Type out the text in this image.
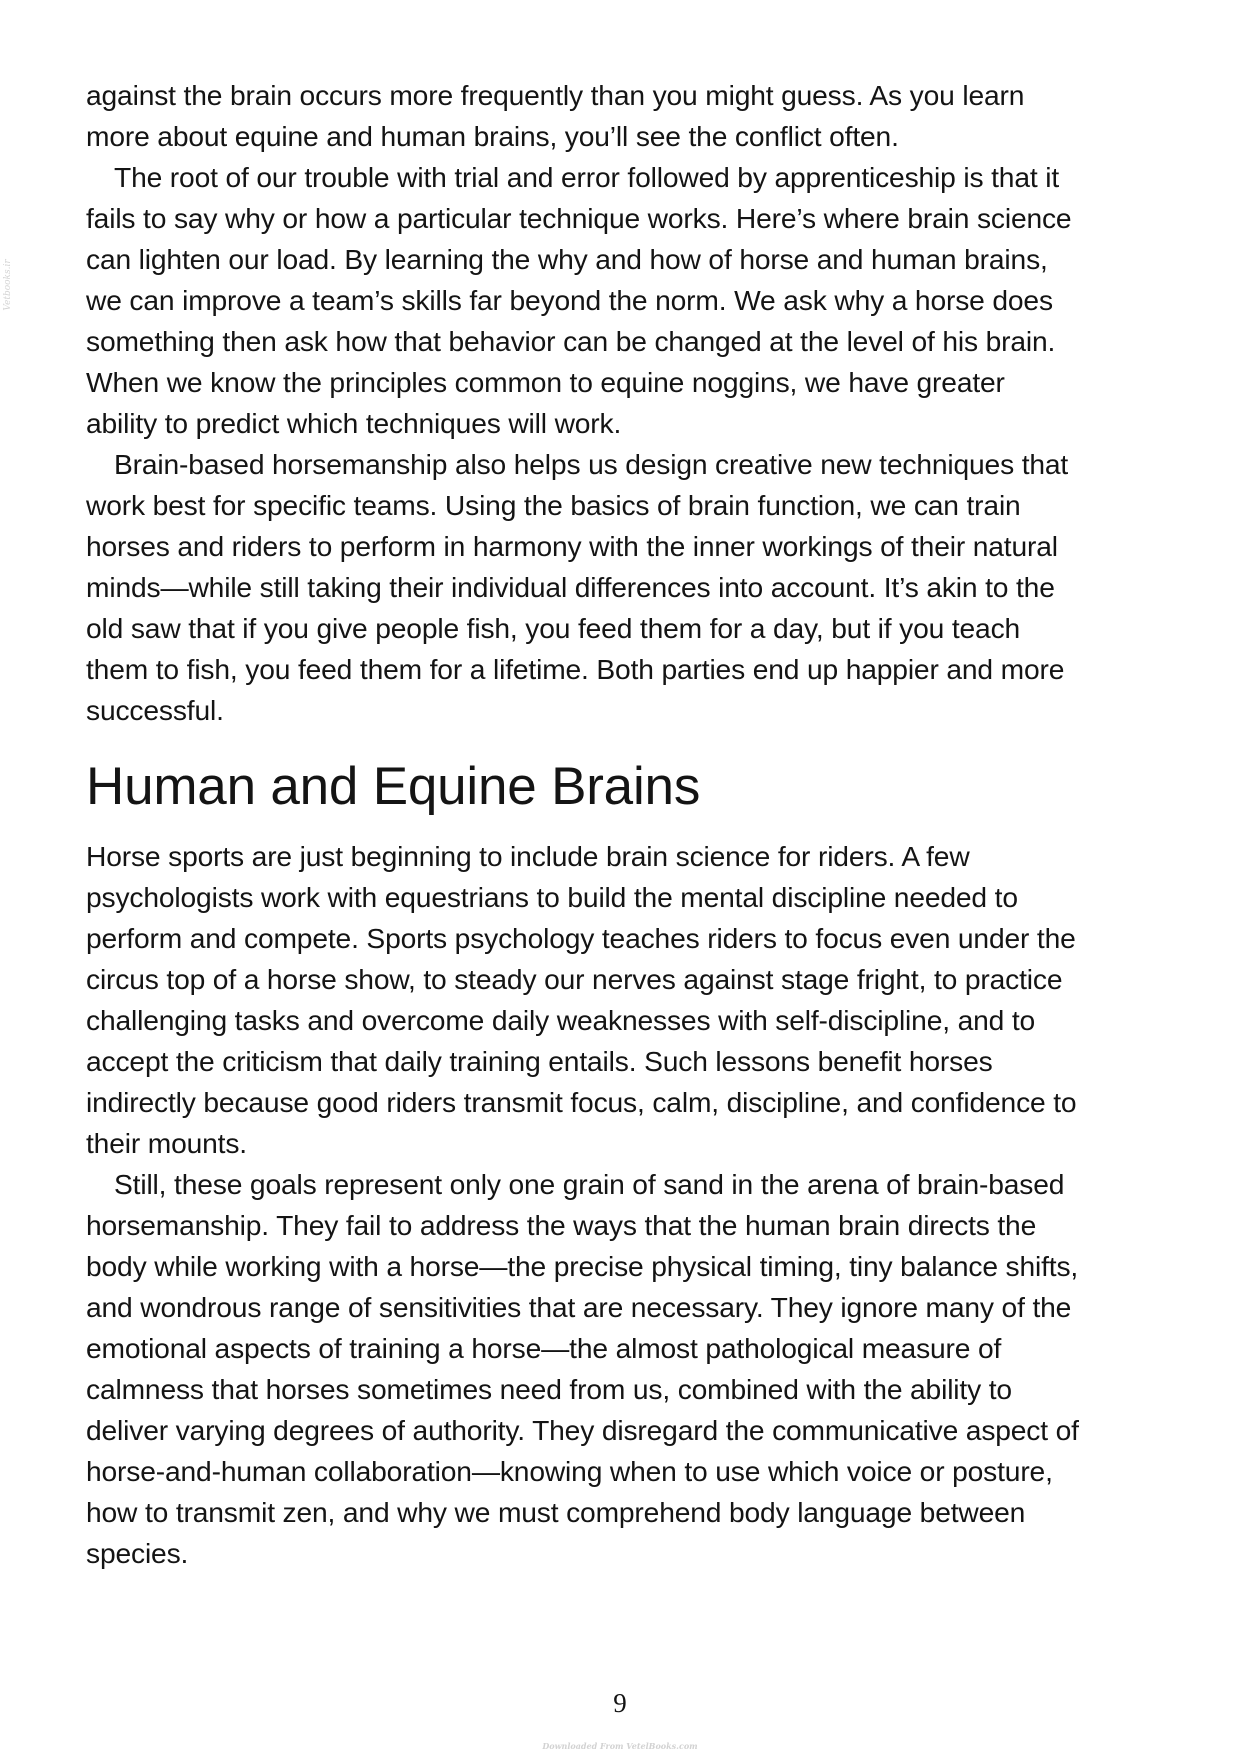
Vetbooks.ir

against the brain occurs more frequently than you might guess. As you learn
more about equine and human brains, you’ll see the conflict often.

The root of our trouble with trial and error followed by apprenticeship is that it
fails to say why or how a particular technique works. Here’s where brain science
can lighten our load. By learning the why and how of horse and human brains,
we can improve a team’s skills far beyond the norm. We ask why a horse does
something then ask how that behavior can be changed at the level of his brain.
When we know the principles common to equine noggins, we have greater
ability to predict which techniques will work.

Brain-based horsemanship also helps us design creative new techniques that
work best for specific teams. Using the basics of brain function, we can train
horses and riders to perform in harmony with the inner workings of their natural
minds—while still taking their individual differences into account. It’s akin to the
old saw that if you give people fish, you feed them for a day, but if you teach
them to fish, you feed them for a lifetime. Both parties end up happier and more
successful.

Human and Equine Brains

Horse sports are just beginning to include brain science for riders. A few
psychologists work with equestrians to build the mental discipline needed to
perform and compete. Sports psychology teaches riders to focus even under the
circus top of a horse show, to steady our nerves against stage fright, to practice
challenging tasks and overcome daily weaknesses with self-discipline, and to
accept the criticism that daily training entails. Such lessons benefit horses
indirectly because good riders transmit focus, calm, discipline, and confidence to
their mounts.

Still, these goals represent only one grain of sand in the arena of brain-based
horsemanship. They fail to address the ways that the human brain directs the
body while working with a horse—the precise physical timing, tiny balance shifts,
and wondrous range of sensitivities that are necessary. They ignore many of the
emotional aspects of training a horse—the almost pathological measure of
calmness that horses sometimes need from us, combined with the ability to
deliver varying degrees of authority. They disregard the communicative aspect of
horse-and-human collaboration—knowing when to use which voice or posture,
how to transmit zen, and why we must comprehend body language between
species.

9
Downloaded From VetelBooks.com
